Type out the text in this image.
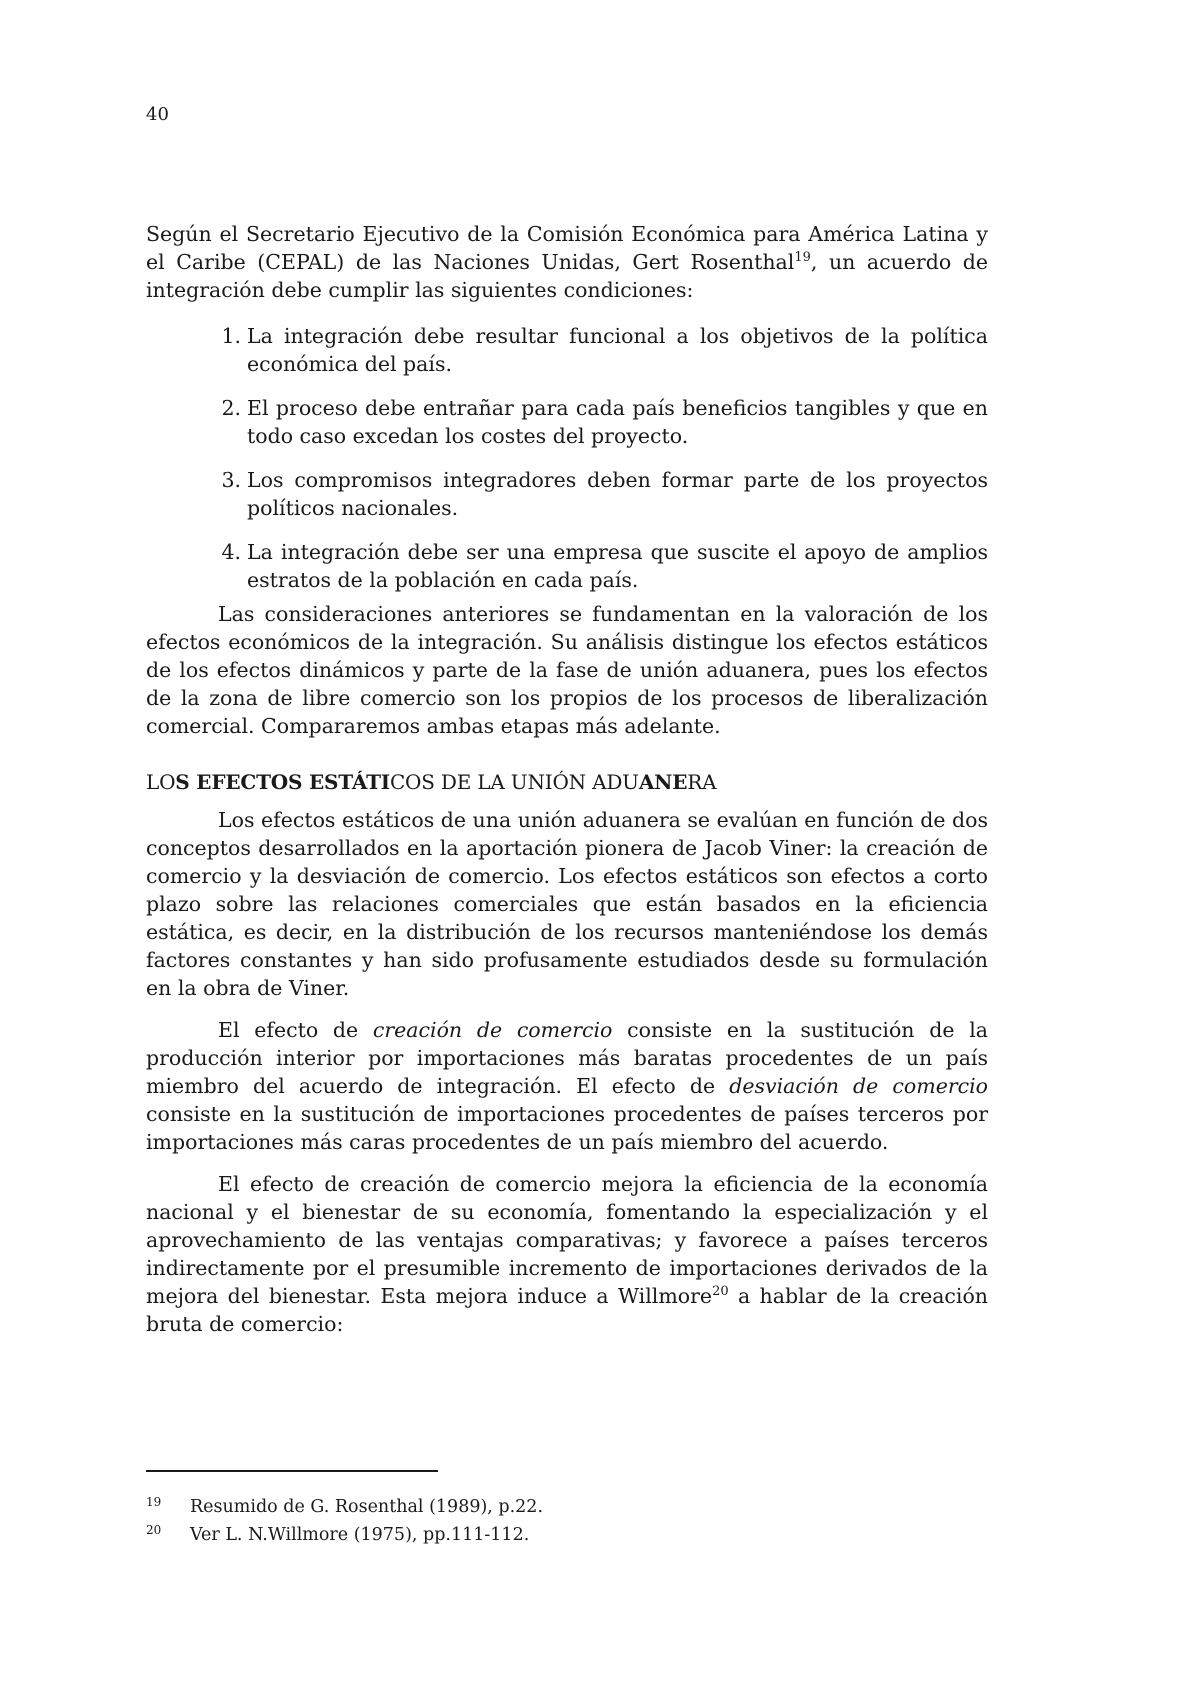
40

Según el Secretario Ejecutivo de la Comisión Económica para América Latina y el Caribe (CEPAL) de las Naciones Unidas, Gert Rosenthal$^{19}$, un acuerdo de integración debe cumplir las siguientes condiciones:

1. La integración debe resultar funcional a los objetivos de la política económica del país.
2. El proceso debe entrañar para cada país beneficios tangibles y que en todo caso excedan los costes del proyecto.
3. Los compromisos integradores deben formar parte de los proyectos políticos nacionales.
4. La integración debe ser una empresa que suscite el apoyo de amplios estratos de la población en cada país.

Las consideraciones anteriores se fundamentan en la valoración de los efectos económicos de la integración. Su análisis distingue los efectos estáticos de los efectos dinámicos y parte de la fase de unión aduanera, pues los efectos de la zona de libre comercio son los propios de los procesos de liberalización comercial. Compararemos ambas etapas más adelante.

LOS EFECTOS ESTÁTICOS DE LA UNIÓN ADUANERA

Los efectos estáticos de una unión aduanera se evalúan en función de dos conceptos desarrollados en la aportación pionera de Jacob Viner: la creación de comercio y la desviación de comercio. Los efectos estáticos son efectos a corto plazo sobre las relaciones comerciales que están basados en la eficiencia estática, es decir, en la distribución de los recursos manteniéndose los demás factores constantes y han sido profusamente estudiados desde su formulación en la obra de Viner.

El efecto de creación de comercio consiste en la sustitución de la producción interior por importaciones más baratas procedentes de un país miembro del acuerdo de integración. El efecto de desviación de comercio consiste en la sustitución de importaciones procedentes de países terceros por importaciones más caras procedentes de un país miembro del acuerdo.

El efecto de creación de comercio mejora la eficiencia de la economía nacional y el bienestar de su economía, fomentando la especialización y el aprovechamiento de las ventajas comparativas; y favorece a países terceros indirectamente por el presumible incremento de importaciones derivados de la mejora del bienestar. Esta mejora induce a Willmore$^{20}$ a hablar de la creación bruta de comercio:

19	Resumido de G. Rosenthal (1989), p.22.
20	Ver L. N.Willmore (1975), pp.111-112.
